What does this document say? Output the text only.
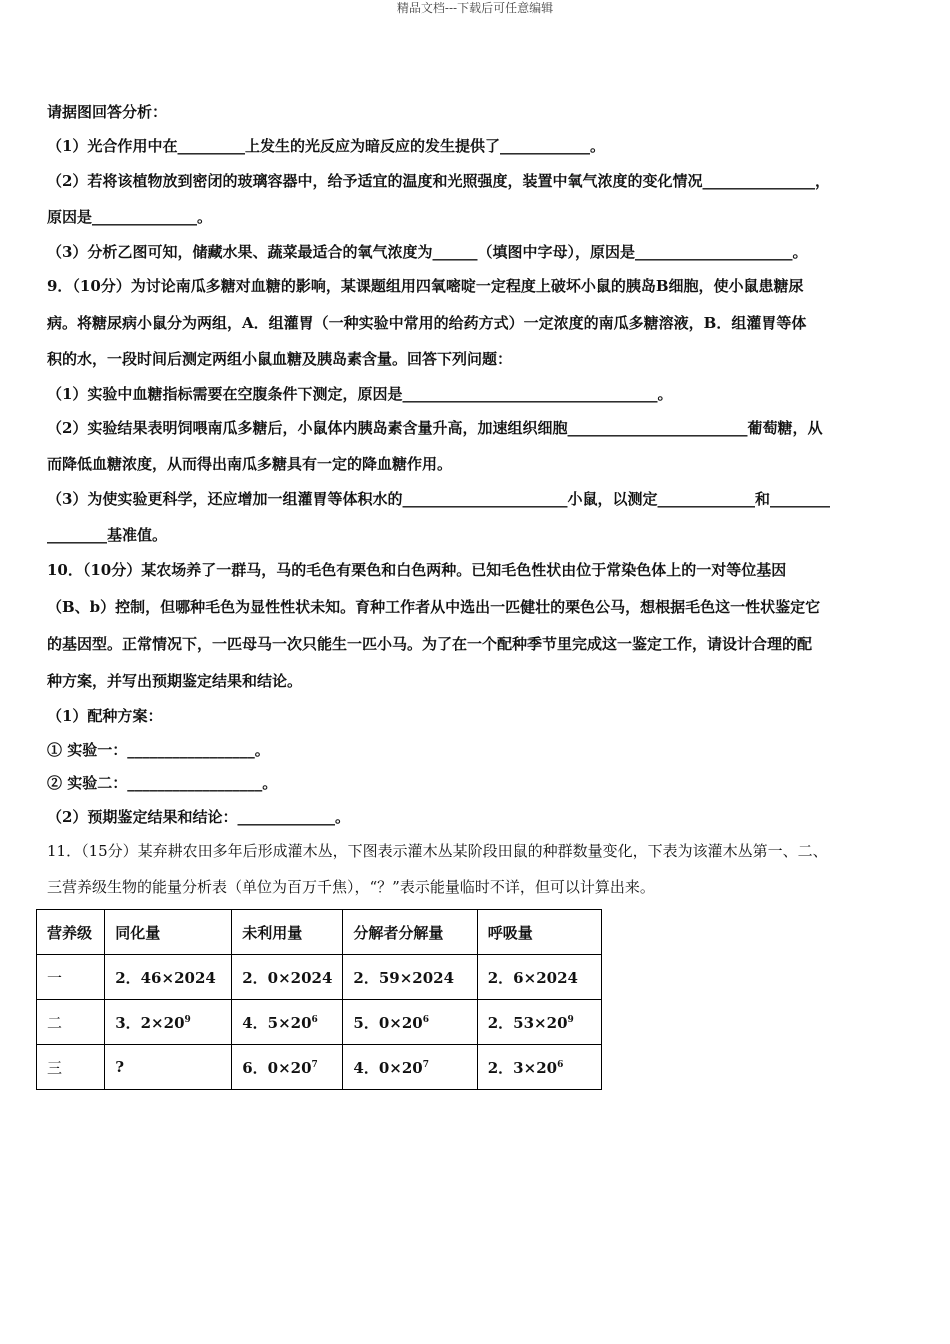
精品文档---下载后可任意编辑
请据图回答分析：
（1）光合作用中在_________上发生的光反应为暗反应的发生提供了____________。
（2）若将该植物放到密闭的玻璃容器中，给予适宜的温度和光照强度，装置中氧气浓度的变化情况_______________，
原因是______________。
（3）分析乙图可知，储藏水果、蔬菜最适合的氧气浓度为______（填图中字母），原因是_____________________。
9．（10分）为讨论南瓜多糖对血糖的影响，某课题组用四氧嘧啶一定程度上破坏小鼠的胰岛B细胞，使小鼠患糖尿
病。将糖尿病小鼠分为两组，A．组灌胃（一种实验中常用的给药方式）一定浓度的南瓜多糖溶液，B．组灌胃等体
积的水，一段时间后测定两组小鼠血糖及胰岛素含量。回答下列问题：
（1）实验中血糖指标需要在空腹条件下测定，原因是__________________________________。
（2）实验结果表明饲喂南瓜多糖后，小鼠体内胰岛素含量升高，加速组织细胞________________________葡萄糖，从
而降低血糖浓度，从而得出南瓜多糖具有一定的降血糖作用。
（3）为使实验更科学，还应增加一组灌胃等体积水的______________________小鼠，以测定_____________和________
________基准值。
10．（10分）某农场养了一群马，马的毛色有栗色和白色两种。已知毛色性状由位于常染色体上的一对等位基因
（B、b）控制，但哪种毛色为显性性状未知。育种工作者从中选出一匹健壮的栗色公马，想根据毛色这一性状鉴定它
的基因型。正常情况下，一匹母马一次只能生一匹小马。为了在一个配种季节里完成这一鉴定工作，请设计合理的配
种方案，并写出预期鉴定结果和结论。
（1）配种方案：
① 实验一：_________________。
② 实验二：__________________。
（2）预期鉴定结果和结论：_____________。
11．（15分）某弃耕农田多年后形成灌木丛，下图表示灌木丛某阶段田鼠的种群数量变化，下表为该灌木丛第一、二、
三营养级生物的能量分析表（单位为百万千焦），“？”表示能量临时不详，但可以计算出来。
营养级	同化量	未利用量	分解者分解量	呼吸量
一	2．46×2024	2．0×2024	2．59×2024	2．6×2024
二	3．$2\times 20^9$	4．$5\times 20^6$	5．$0\times 20^6$	2．$53\times 20^9$
三	?	6．$0\times 20^7$	4．$0\times 20^7$	2．$3\times 20^6$
